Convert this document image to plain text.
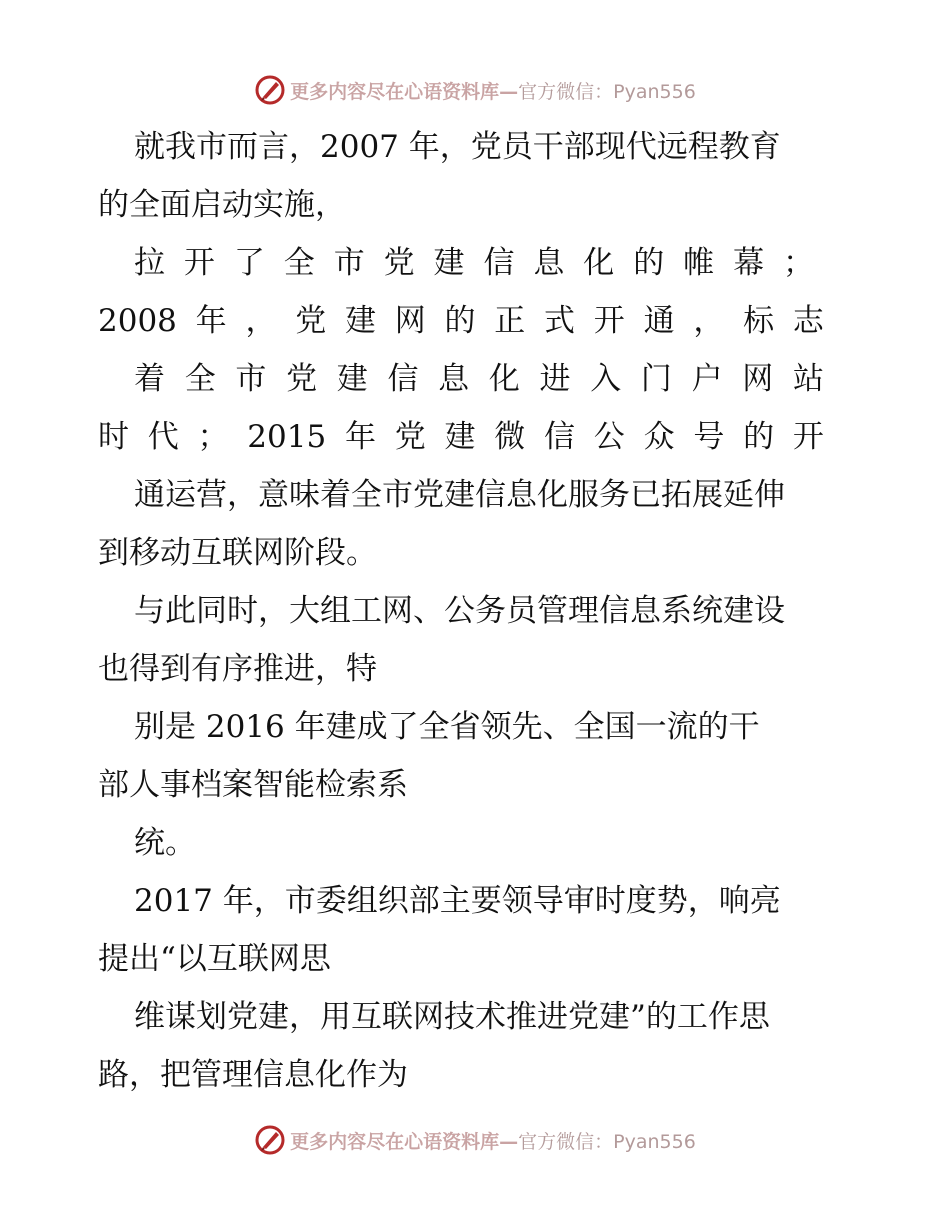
更多内容尽在心语资料库— 官方微信：Pyan556

就我市而言，2007 年，党员干部现代远程教育

的全面启动实施，

拉 开 了 全 市 党 建 信 息 化 的 帷 幕 ；
2008 年 ， 党 建 网 的 正 式 开 通 ， 标 志
着 全 市 党 建 信 息 化 进 入 门 户 网 站
时 代 ； 2015 年 党 建 微 信 公 众 号 的 开

通运营，意味着全市党建信息化服务已拓展延伸

到移动互联网阶段。

与此同时，大组工网、公务员管理信息系统建设

也得到有序推进，特

别是 2016 年建成了全省领先、全国一流的干

部人事档案智能检索系

统。

2017 年，市委组织部主要领导审时度势，响亮

提出“以互联网思

维谋划党建，用互联网技术推进党建”的工作思

路，把管理信息化作为

更多内容尽在心语资料库— 官方微信：Pyan556
